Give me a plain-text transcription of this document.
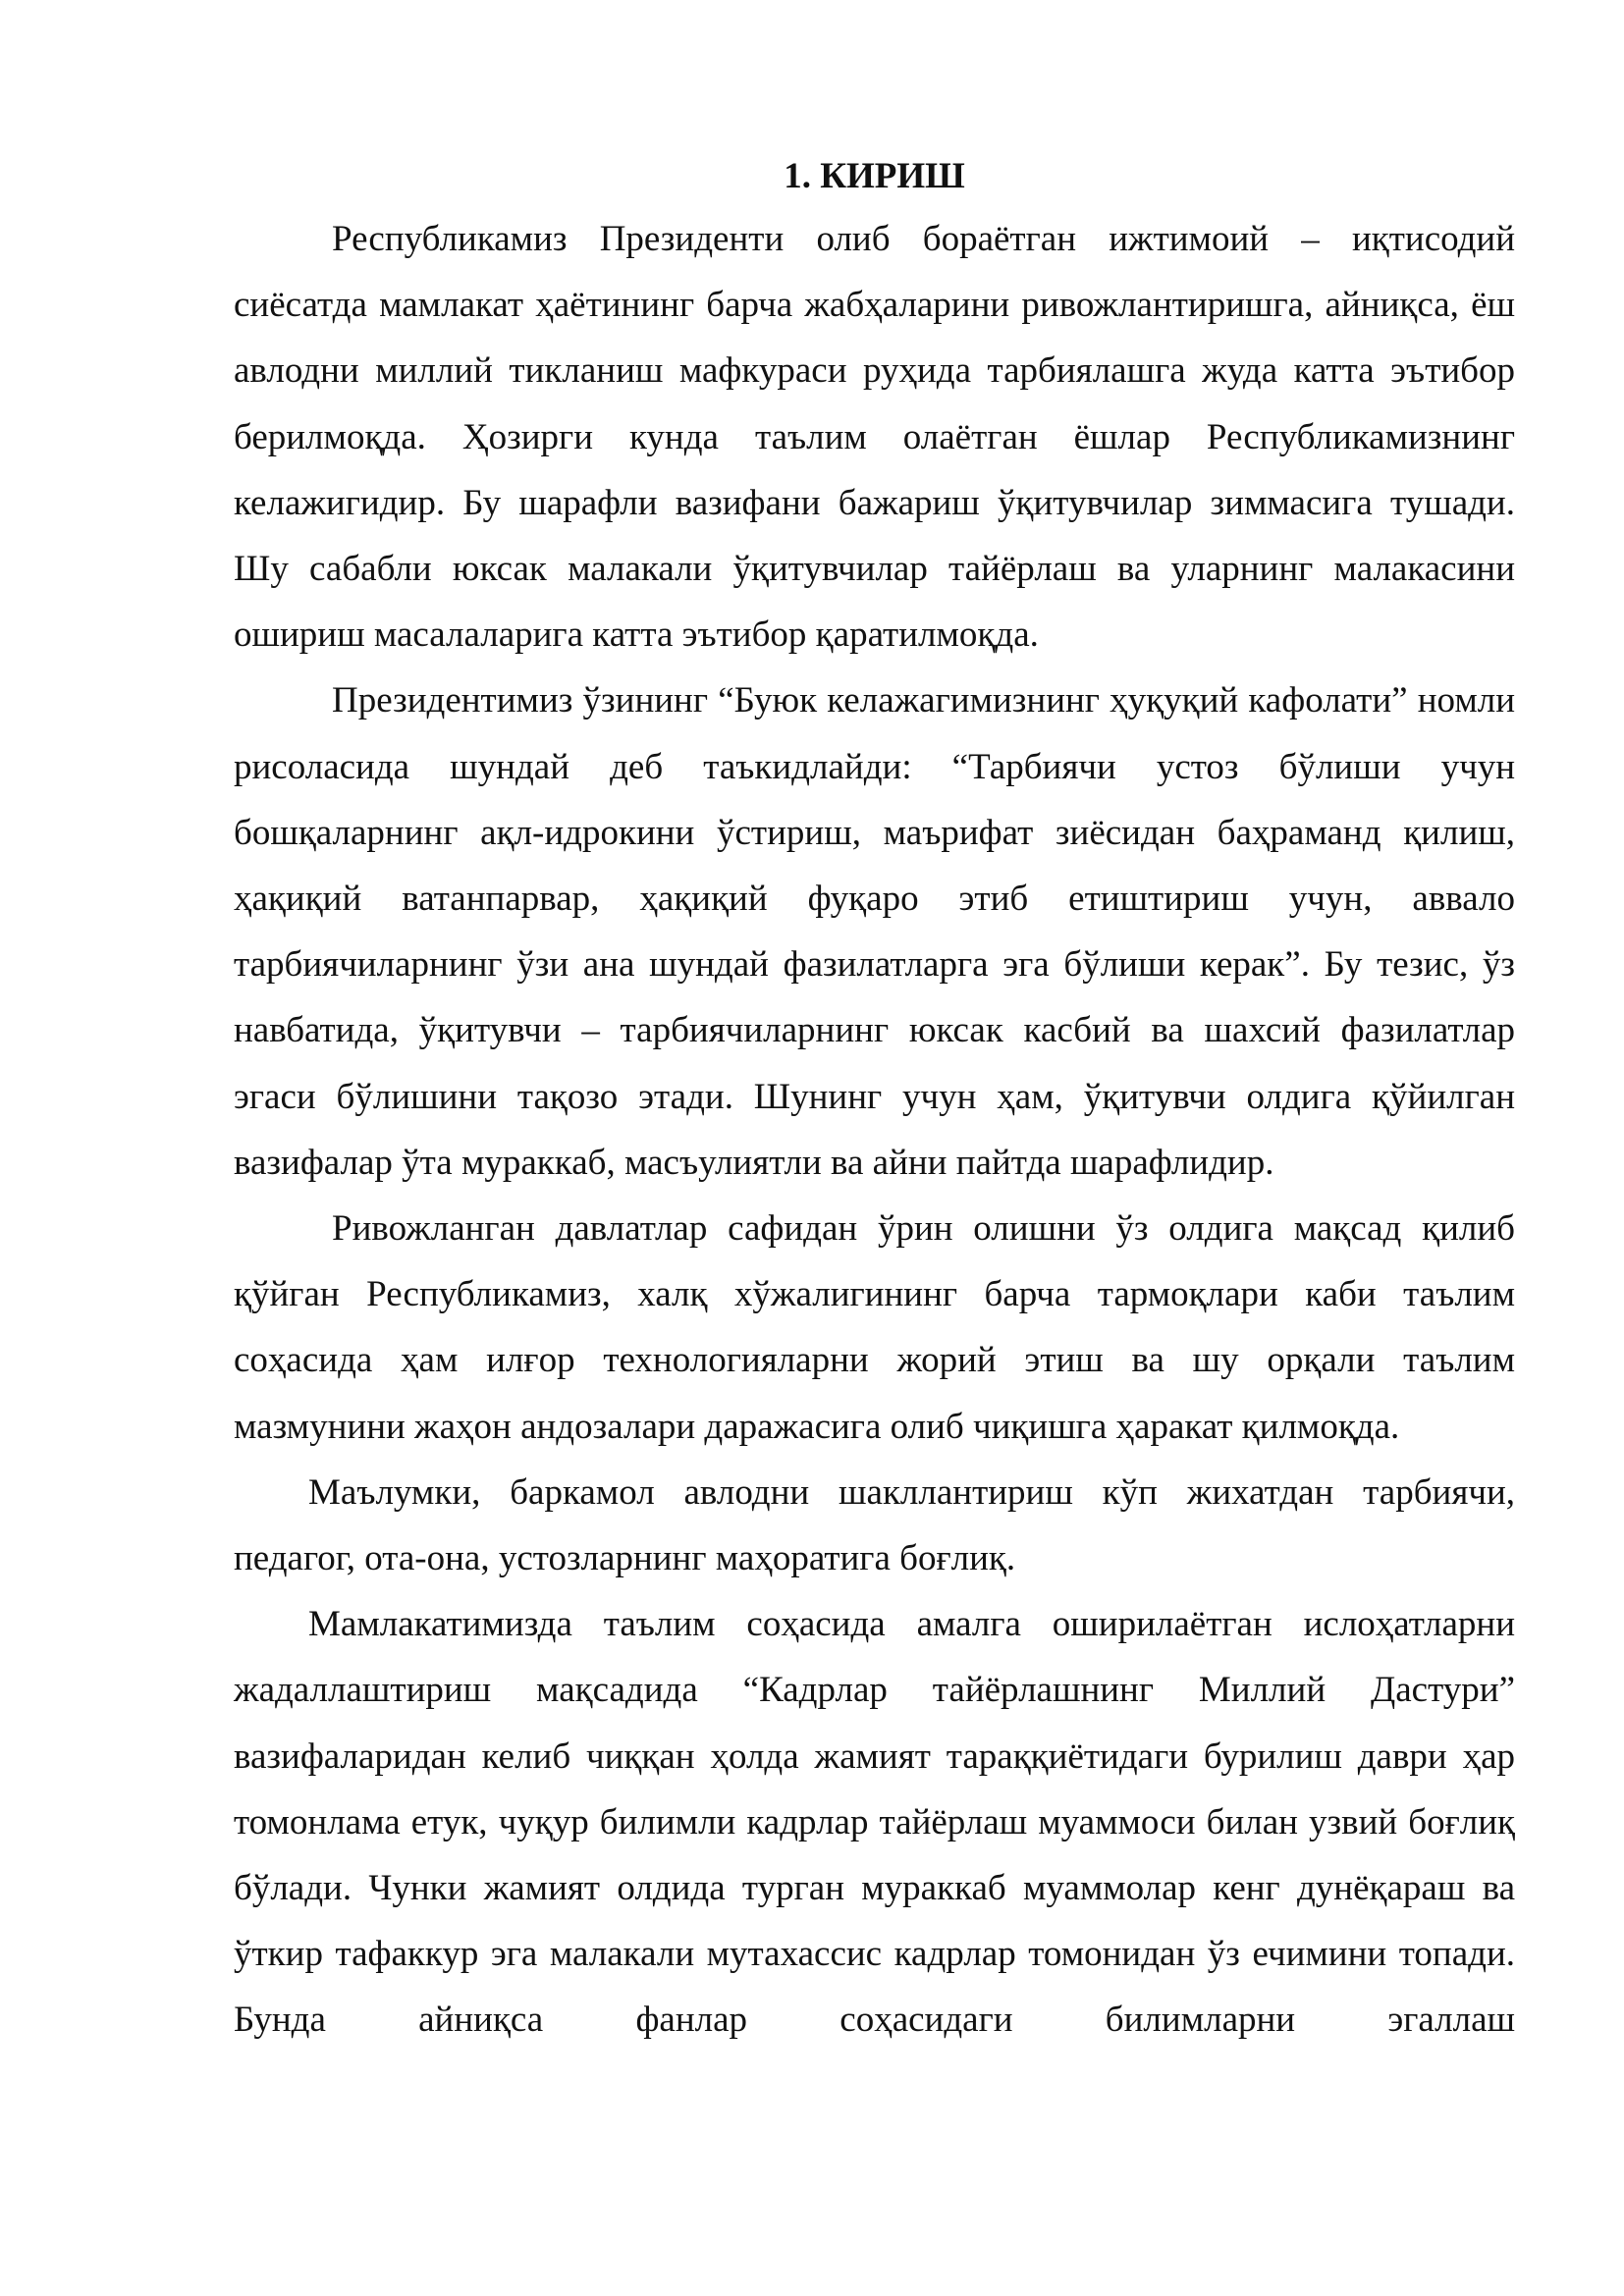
1. КИРИШ

Республикамиз Президенти олиб бораётган ижтимоий – иқтисодий сиёсатда мамлакат ҳаётининг барча жабҳаларини ривожлантиришга, айниқса, ёш авлодни миллий тикланиш мафкураси руҳида тарбиялашга жуда катта эътибор берилмоқда. Ҳозирги кунда таълим олаётган ёшлар Республикамизнинг келажигидир. Бу шарафли вазифани бажариш ўқитувчилар зиммасига тушади. Шу сабабли юксак малакали ўқитувчилар тайёрлаш ва уларнинг малакасини ошириш масалаларига катта эътибор қаратилмоқда.

Президентимиз ўзининг “Буюк келажагимизнинг ҳуқуқий кафолати” номли рисоласида шундай деб таъкидлайди: “Тарбиячи устоз бўлиши учун бошқаларнинг ақл-идрокини ўстириш, маърифат зиёсидан баҳраманд қилиш, ҳақиқий ватанпарвар, ҳақиқий фуқаро этиб етиштириш учун, аввало тарбиячиларнинг ўзи ана шундай фазилатларга эга бўлиши керак”. Бу тезис, ўз навбатида, ўқитувчи – тарбиячиларнинг юксак касбий ва шахсий фазилатлар эгаси бўлишини тақозо этади. Шунинг учун ҳам, ўқитувчи олдига қўйилган вазифалар ўта мураккаб, масъулиятли ва айни пайтда шарафлидир.

Ривожланган давлатлар сафидан ўрин олишни ўз олдига мақсад қилиб қўйган Республикамиз, халқ хўжалигининг барча тармоқлари каби таълим соҳасида ҳам илғор технологияларни жорий этиш ва шу орқали таълим мазмунини жаҳон андозалари даражасига олиб чиқишга ҳаракат қилмоқда.

Маълумки, баркамол авлодни шакллантириш кўп жихатдан тарбиячи, педагог, ота-она, устозларнинг маҳоратига боғлиқ.

Мамлакатимизда таълим соҳасида амалга оширилаётган ислоҳатларни жадаллаштириш мақсадида “Кадрлар тайёрлашнинг Миллий Дастури” вазифаларидан келиб чиққан ҳолда жамият тараққиётидаги бурилиш даври ҳар томонлама етук, чуқур билимли кадрлар тайёрлаш муаммоси билан узвий боғлиқ бўлади. Чунки жамият олдида турган мураккаб муаммолар кенг дунёқараш ва ўткир тафаккур эга малакали мутахассис кадрлар томонидан ўз ечимини топади. Бунда айниқса фанлар соҳасидаги билимларни эгаллаш
